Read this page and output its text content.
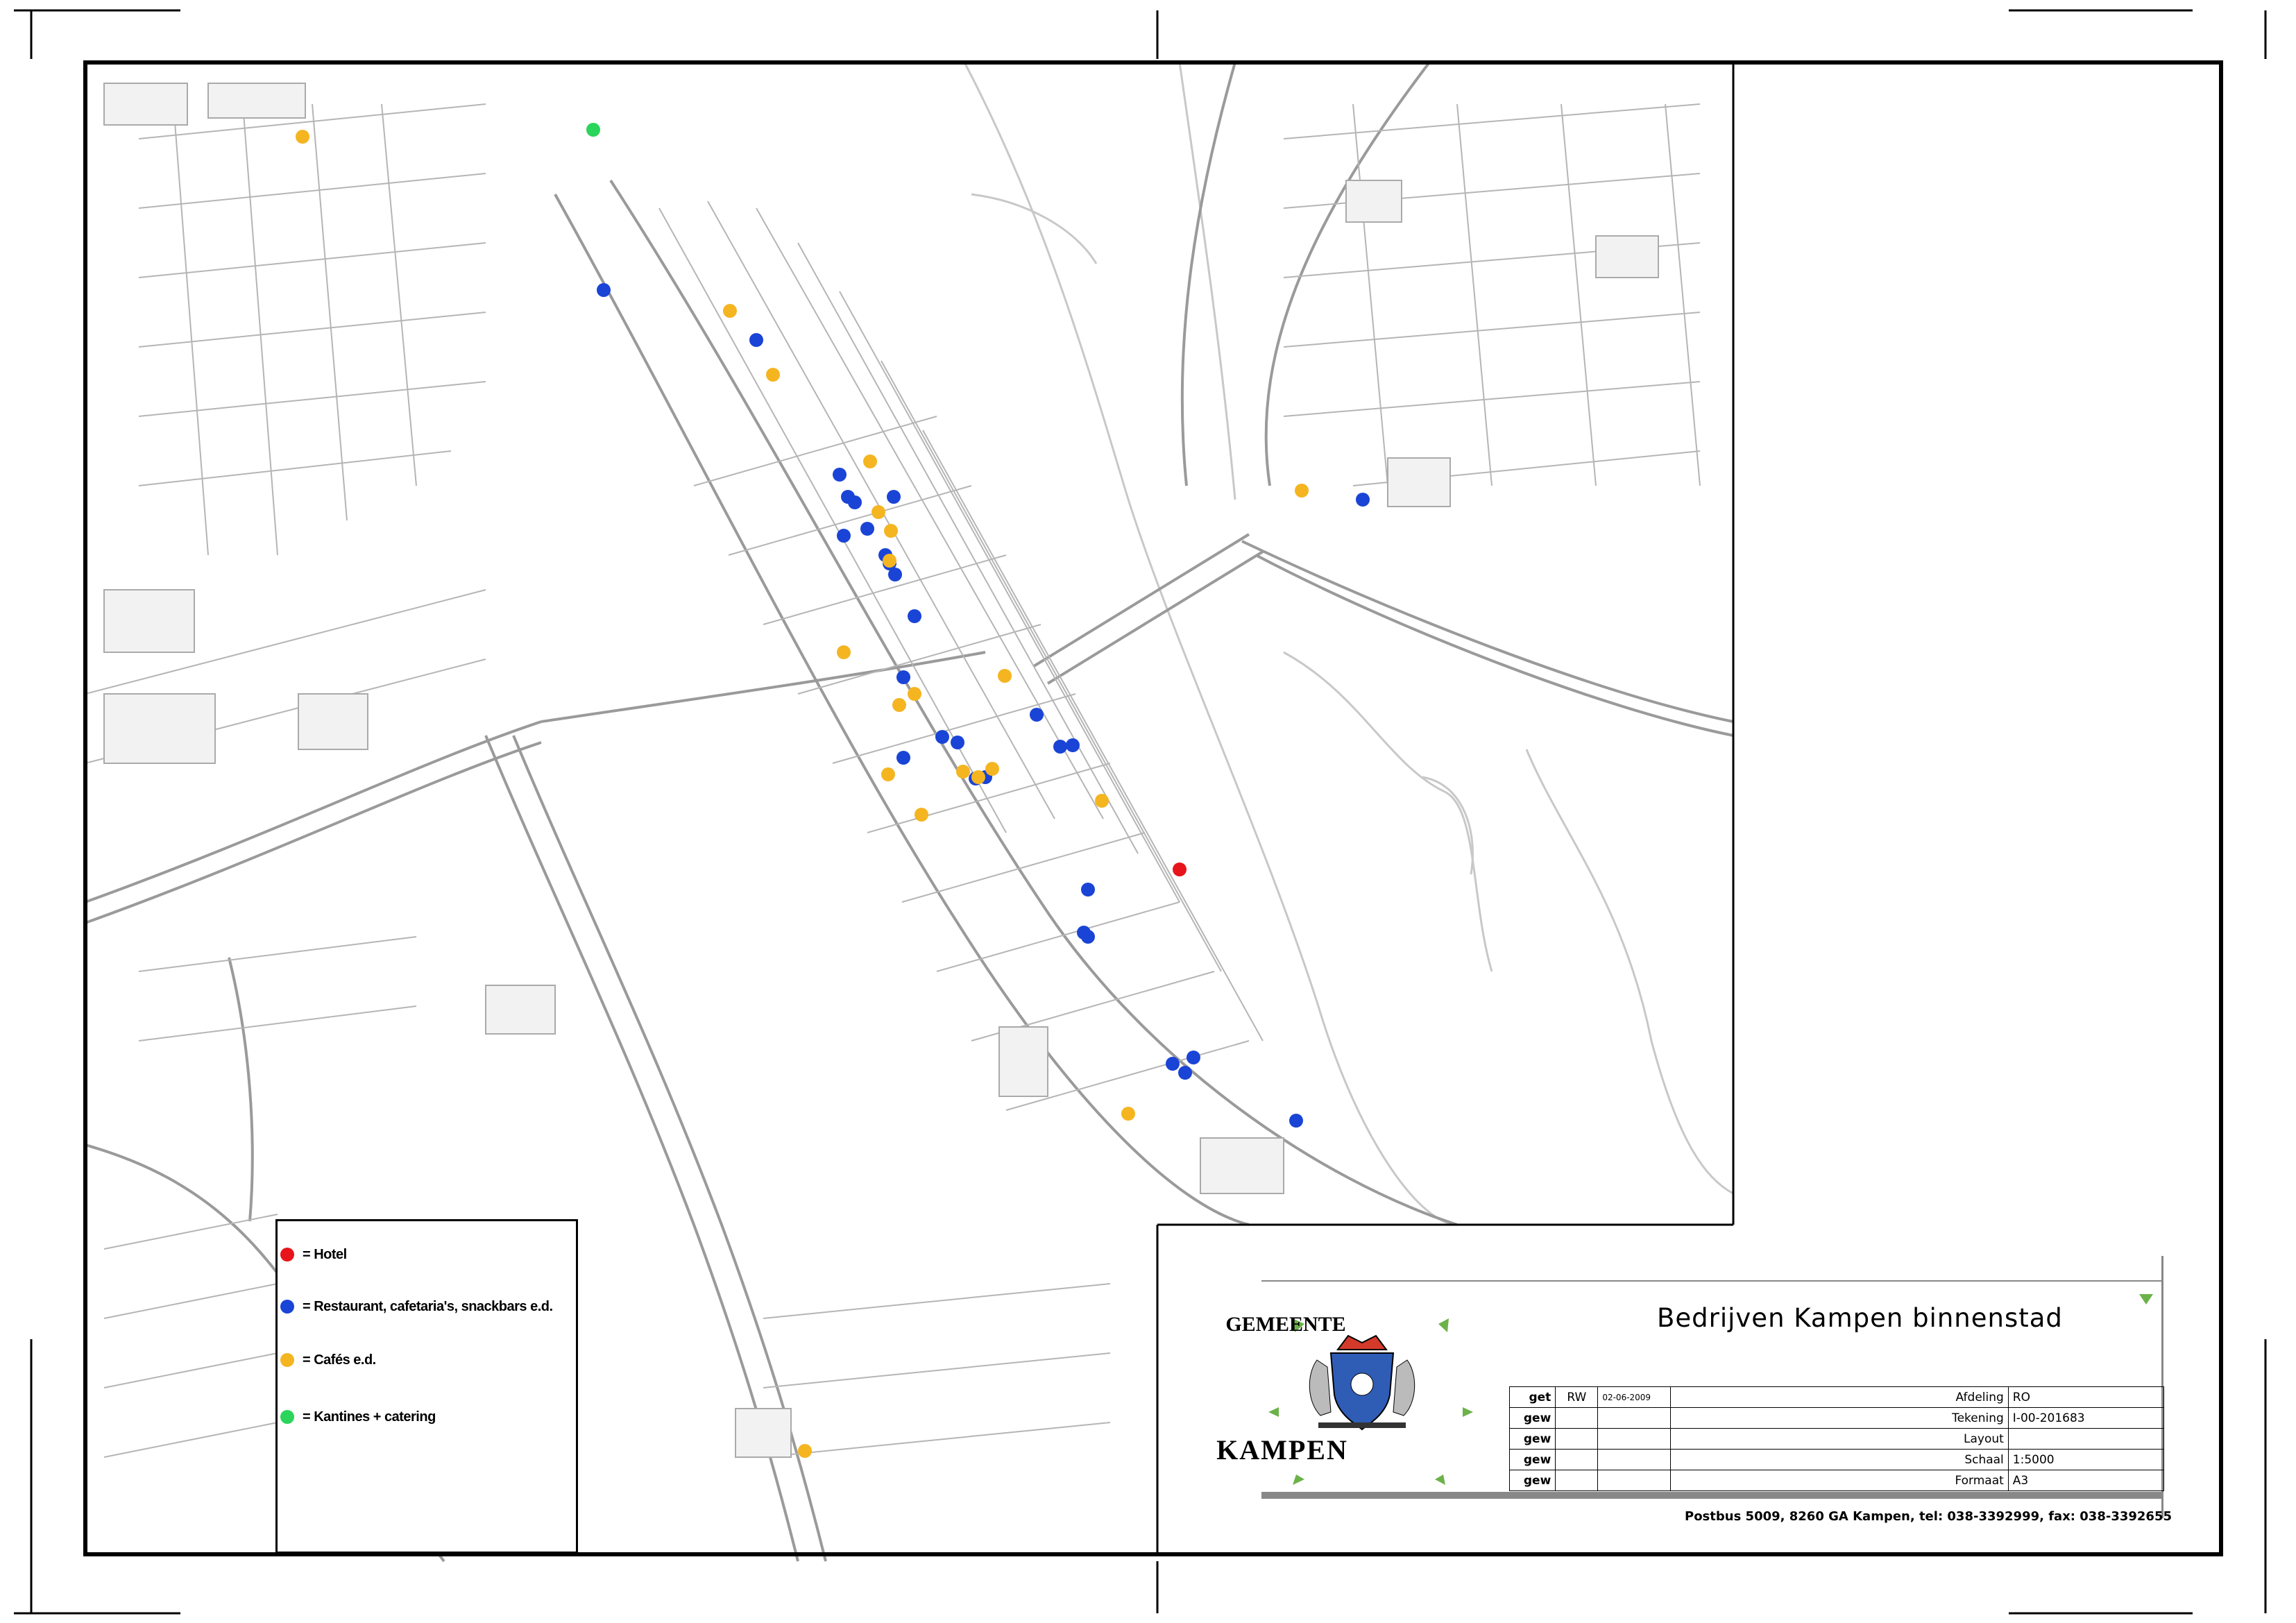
= Hotel
= Restaurant, cafetaria's, snackbars e.d.
= Cafés e.d.
= Kantines + catering
GEMEENTE
KAMPEN
Bedrijven Kampen binnenstad
get	RW	02-06-2009	Afdeling	RO
gew			Tekening	I-00-201683
gew			Layout	
gew			Schaal	1:5000
gew			Formaat	A3
Postbus 5009, 8260 GA Kampen, tel: 038-3392999, fax: 038-3392655
